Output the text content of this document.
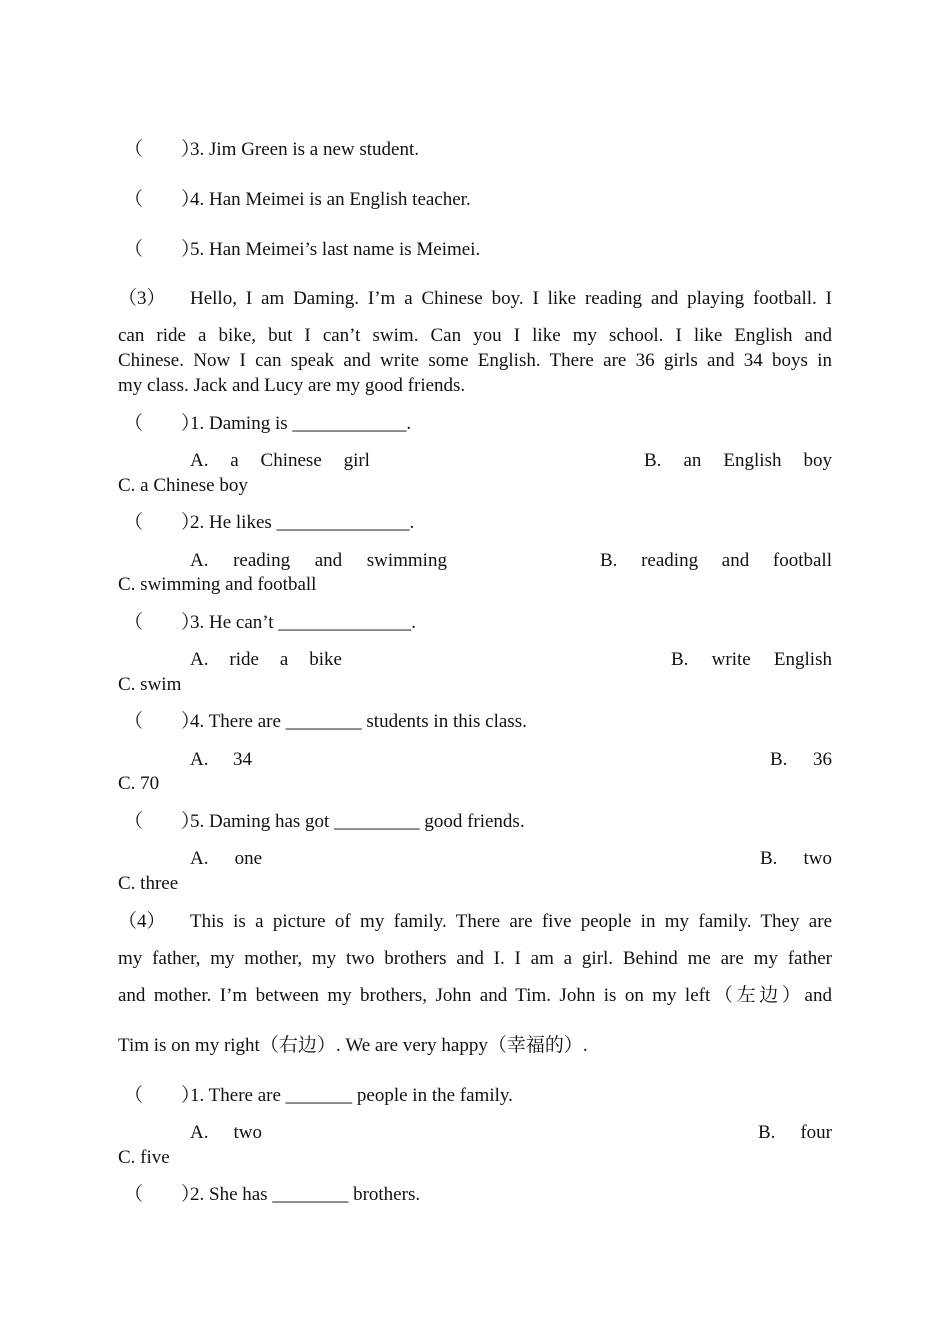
（　　）3. Jim Green is a new student.
（　　）4. Han Meimei is an English teacher.
（　　）5. Han Meimei’s last name is Meimei.
（3） Hello, I am Daming. I’m a Chinese boy. I like reading and playing football. I
can ride a bike, but I can’t swim. Can you I like my school. I like English and
Chinese. Now I can speak and write some English. There are 36 girls and 34 boys in
my class. Jack and Lucy are my good friends.
（　　）1. Daming is ____________.
A. a Chinese girl	B. an English boy
C. a Chinese boy
（　　）2. He likes ______________.
A. reading and swimming	B. reading and football
C. swimming and football
（　　）3. He can’t ______________.
A. ride a bike	B. write English
C. swim
（　　）4. There are ________ students in this class.
A. 34	B. 36
C. 70
（　　）5. Daming has got _________ good friends.
A. one	B. two
C. three
（4） This is a picture of my family. There are five people in my family. They are
my father, my mother, my two brothers and I. I am a girl. Behind me are my father
and mother. I’m between my brothers, John and Tim. John is on my left（左边）and
Tim is on my right（右边）. We are very happy（幸福的）.
（　　）1. There are _______ people in the family.
A. two	B. four
C. five
（　　）2. She has ________ brothers.
